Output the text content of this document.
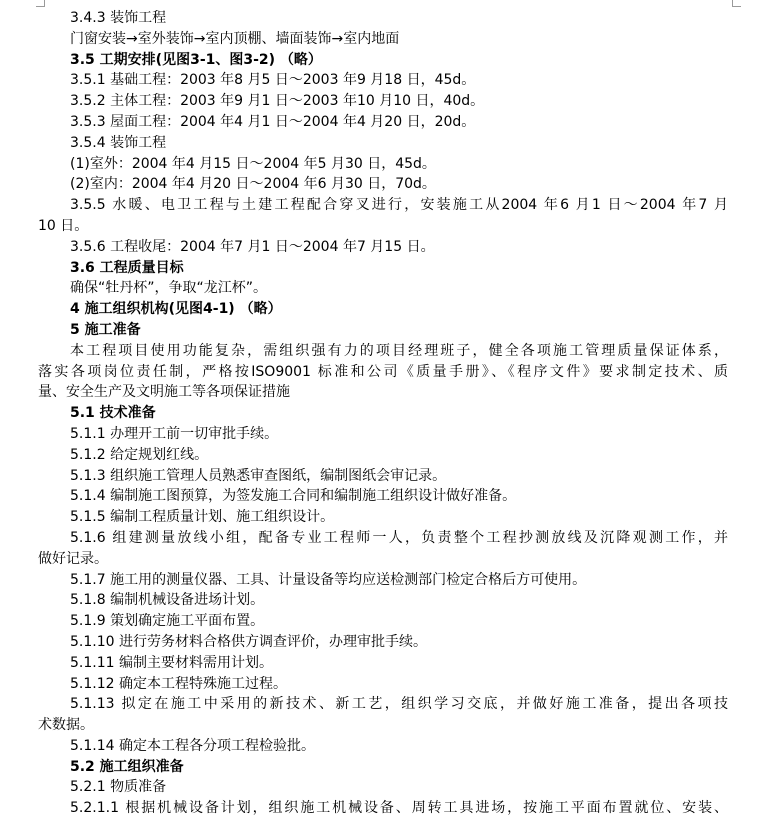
3.4.3 装饰工程
门窗安装→室外装饰→室内顶棚、墙面装饰→室内地面
3.5 工期安排(见图3-1、图3-2) （略）
3.5.1 基础工程：2003 年8 月5 日～2003 年9 月18 日，45d。
3.5.2 主体工程：2003 年9 月1 日～2003 年10 月10 日，40d。
3.5.3 屋面工程：2004 年4 月1 日～2004 年4 月20 日，20d。
3.5.4 装饰工程
(1)室外：2004 年4 月15 日～2004 年5 月30 日，45d。
(2)室内：2004 年4 月20 日～2004 年6 月30 日，70d。
3.5.5 水暖、电卫工程与土建工程配合穿叉进行，安装施工从2004 年6 月1 日～2004 年7 月
10 日。
3.5.6 工程收尾：2004 年7 月1 日～2004 年7 月15 日。
3.6 工程质量目标
确保“牡丹杯”，争取“龙江杯”。
4 施工组织机构(见图4-1) （略）
5 施工准备
本工程项目使用功能复杂，需组织强有力的项目经理班子，健全各项施工管理质量保证体系，
落实各项岗位责任制，严格按ISO9001 标准和公司《质量手册》、《程序文件》要求制定技术、质
量、安全生产及文明施工等各项保证措施
5.1 技术准备
5.1.1 办理开工前一切审批手续。
5.1.2 给定规划红线。
5.1.3 组织施工管理人员熟悉审查图纸，编制图纸会审记录。
5.1.4 编制施工图预算，为签发施工合同和编制施工组织设计做好准备。
5.1.5 编制工程质量计划、施工组织设计。
5.1.6 组建测量放线小组，配备专业工程师一人，负责整个工程抄测放线及沉降观测工作，并
做好记录。
5.1.7 施工用的测量仪器、工具、计量设备等均应送检测部门检定合格后方可使用。
5.1.8 编制机械设备进场计划。
5.1.9 策划确定施工平面布置。
5.1.10 进行劳务材料合格供方调查评价，办理审批手续。
5.1.11 编制主要材料需用计划。
5.1.12 确定本工程特殊施工过程。
5.1.13 拟定在施工中采用的新技术、新工艺，组织学习交底，并做好施工准备，提出各项技
术数据。
5.1.14 确定本工程各分项工程检验批。
5.2 施工组织准备
5.2.1 物质准备
5.2.1.1 根据机械设备计划，组织施工机械设备、周转工具进场，按施工平面布置就位、安装、
